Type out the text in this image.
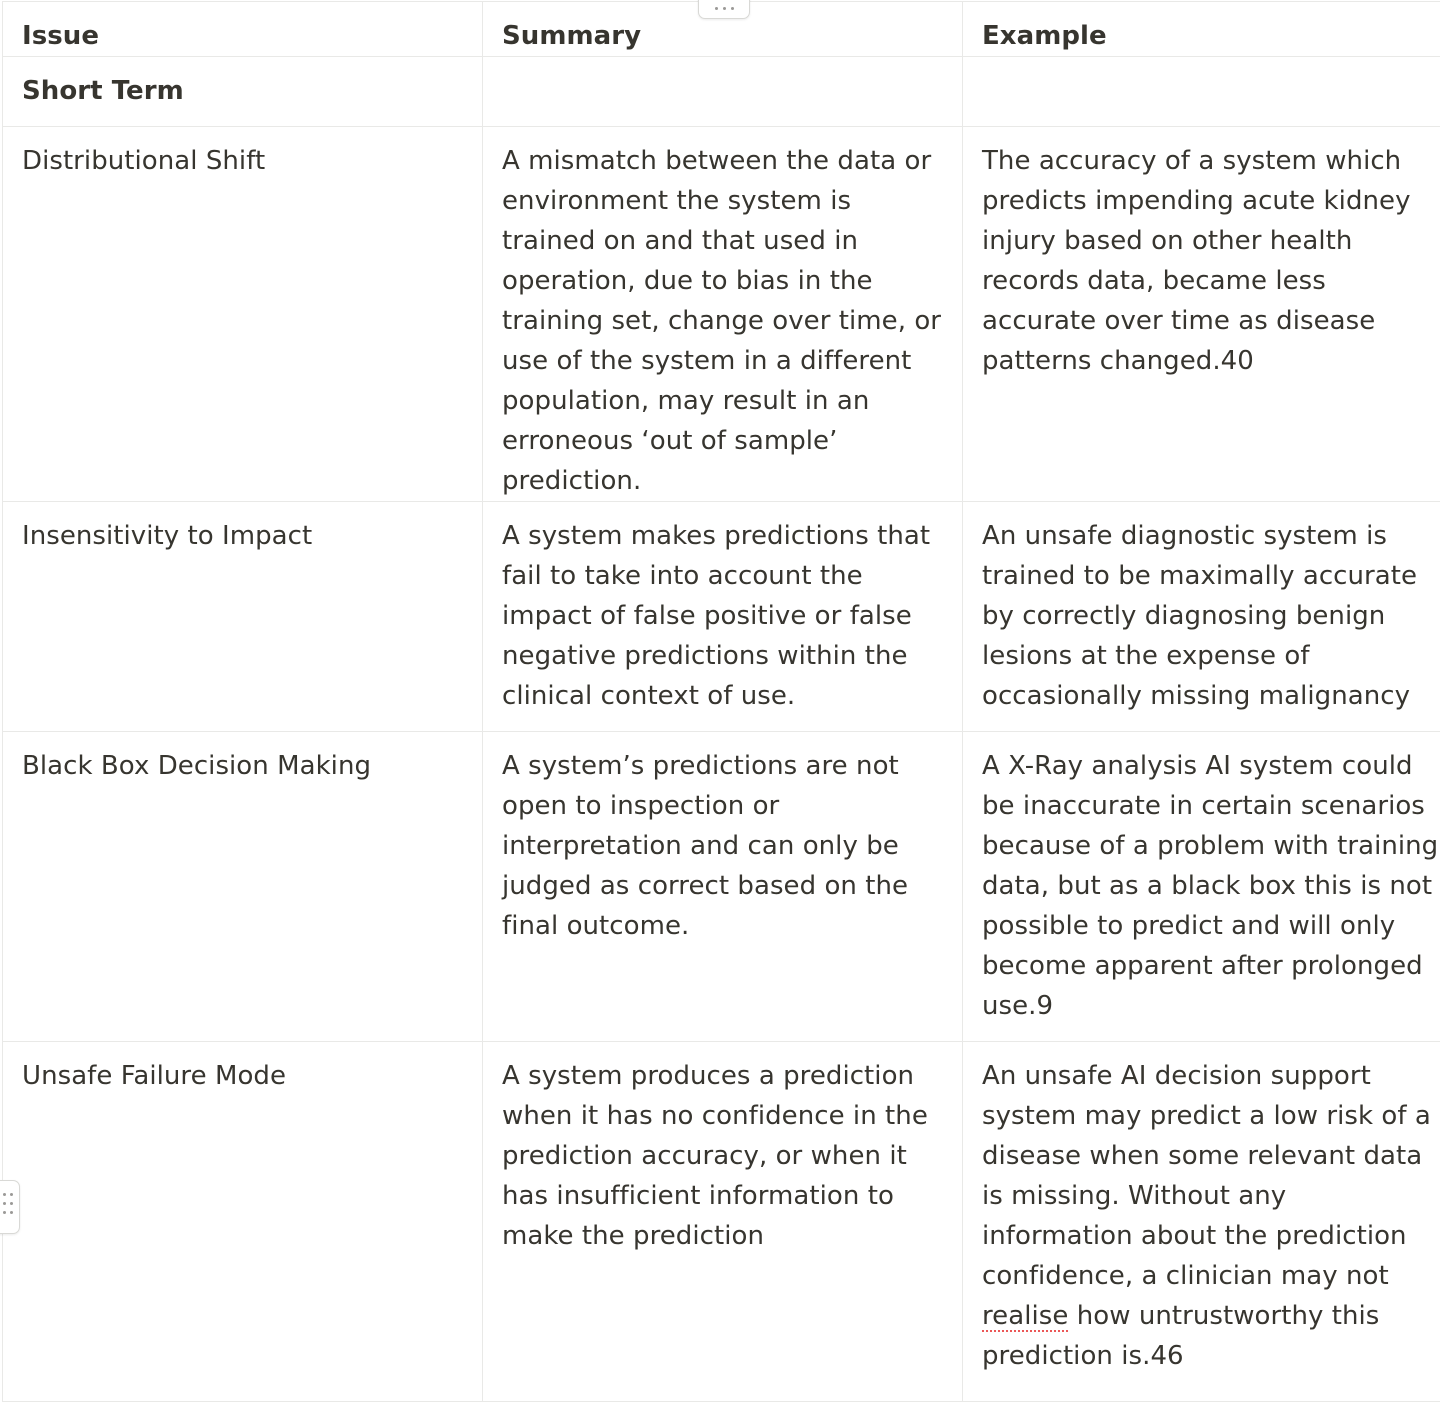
Issue	Summary	Example
Short Term		
Distributional Shift	A mismatch between the data or environment the system is trained on and that used in operation, due to bias in the training set, change over time, or use of the system in a different population, may result in an erroneous ‘out of sample’ prediction.	The accuracy of a system which predicts impending acute kidney injury based on other health records data, became less accurate over time as disease patterns changed.40
Insensitivity to Impact	A system makes predictions that fail to take into account the impact of false positive or false negative predictions within the clinical context of use.	An unsafe diagnostic system is trained to be maximally accurate by correctly diagnosing benign lesions at the expense of occasionally missing malignancy
Black Box Decision Making	A system’s predictions are not open to inspection or interpretation and can only be judged as correct based on the final outcome.	A X-Ray analysis AI system could be inaccurate in certain scenarios because of a problem with training data, but as a black box this is not possible to predict and will only become apparent after prolonged use.9
Unsafe Failure Mode	A system produces a prediction when it has no confidence in the prediction accuracy, or when it has insufficient information to make the prediction	An unsafe AI decision support system may predict a low risk of a disease when some relevant data is missing. Without any information about the prediction confidence, a clinician may not realise how untrustworthy this prediction is.46
